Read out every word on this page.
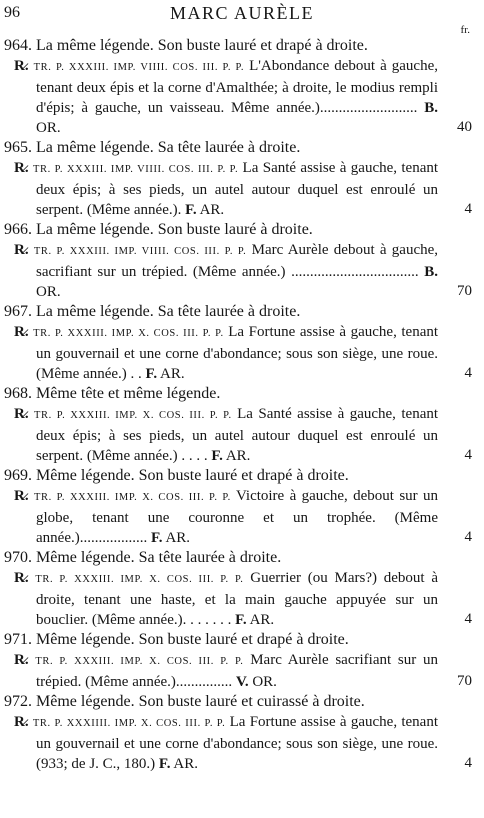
96	MARC AURÈLE
fr.

964. La même légende. Son buste lauré et drapé à droite.

R̷. TR. P. XXXIII. IMP. VIIII. COS. III. P. P. L'Abondance debout à gauche, tenant deux épis et la corne d'Amalthée; à droite, le modius rempli d'épis; à gauche, un vaisseau. Même année.).......................... B. OR.	40

965. La même légende. Sa tête laurée à droite.

R̷. TR. P. XXXIII. IMP. VIIII. COS. III. P. P. La Santé assise à gauche, tenant deux épis; à ses pieds, un autel autour duquel est enroulé un serpent. (Même année.). F. AR.	4

966. La même légende. Son buste lauré à droite.

R̷. TR. P. XXXIII. IMP. VIIII. COS. III. P. P. Marc Aurèle debout à gauche, sacrifiant sur un trépied. (Même année.) .................................. B. OR.	70

967. La même légende. Sa tête laurée à droite.

R̷. TR. P. XXXIII. IMP. X. COS. III. P. P. La Fortune assise à gauche, tenant un gouvernail et une corne d'abondance; sous son siège, une roue. (Même année.) . . F. AR.	4

968. Même tête et même légende.

R̷. TR. P. XXXIII. IMP. X. COS. III. P. P. La Santé assise à gauche, tenant deux épis; à ses pieds, un autel autour duquel est enroulé un serpent. (Même année.) . . . . F. AR.	4

969. Même légende. Son buste lauré et drapé à droite.

R̷. TR. P. XXXIII. IMP. X. COS. III. P. P. Victoire à gauche, debout sur un globe, tenant une couronne et un trophée. (Même année.).................. F. AR.	4

970. Même légende. Sa tête laurée à droite.

R̷. TR. P. XXXIII. IMP. X. COS. III. P. P. Guerrier (ou Mars?) debout à droite, tenant une haste, et la main gauche appuyée sur un bouclier. (Même année.). . . . . . . F. AR.	4

971. Même légende. Son buste lauré et drapé à droite.

R̷. TR. P. XXXIII. IMP. X. COS. III. P. P. Marc Aurèle sacrifiant sur un trépied. (Même année.)............... V. OR.	70

972. Même légende. Son buste lauré et cuirassé à droite.

R̷. TR. P. XXXIIII. IMP. X. COS. III. P. P. La Fortune assise à gauche, tenant un gouvernail et une corne d'abondance; sous son siège, une roue. (933; de J. C., 180.) F. AR.	4
